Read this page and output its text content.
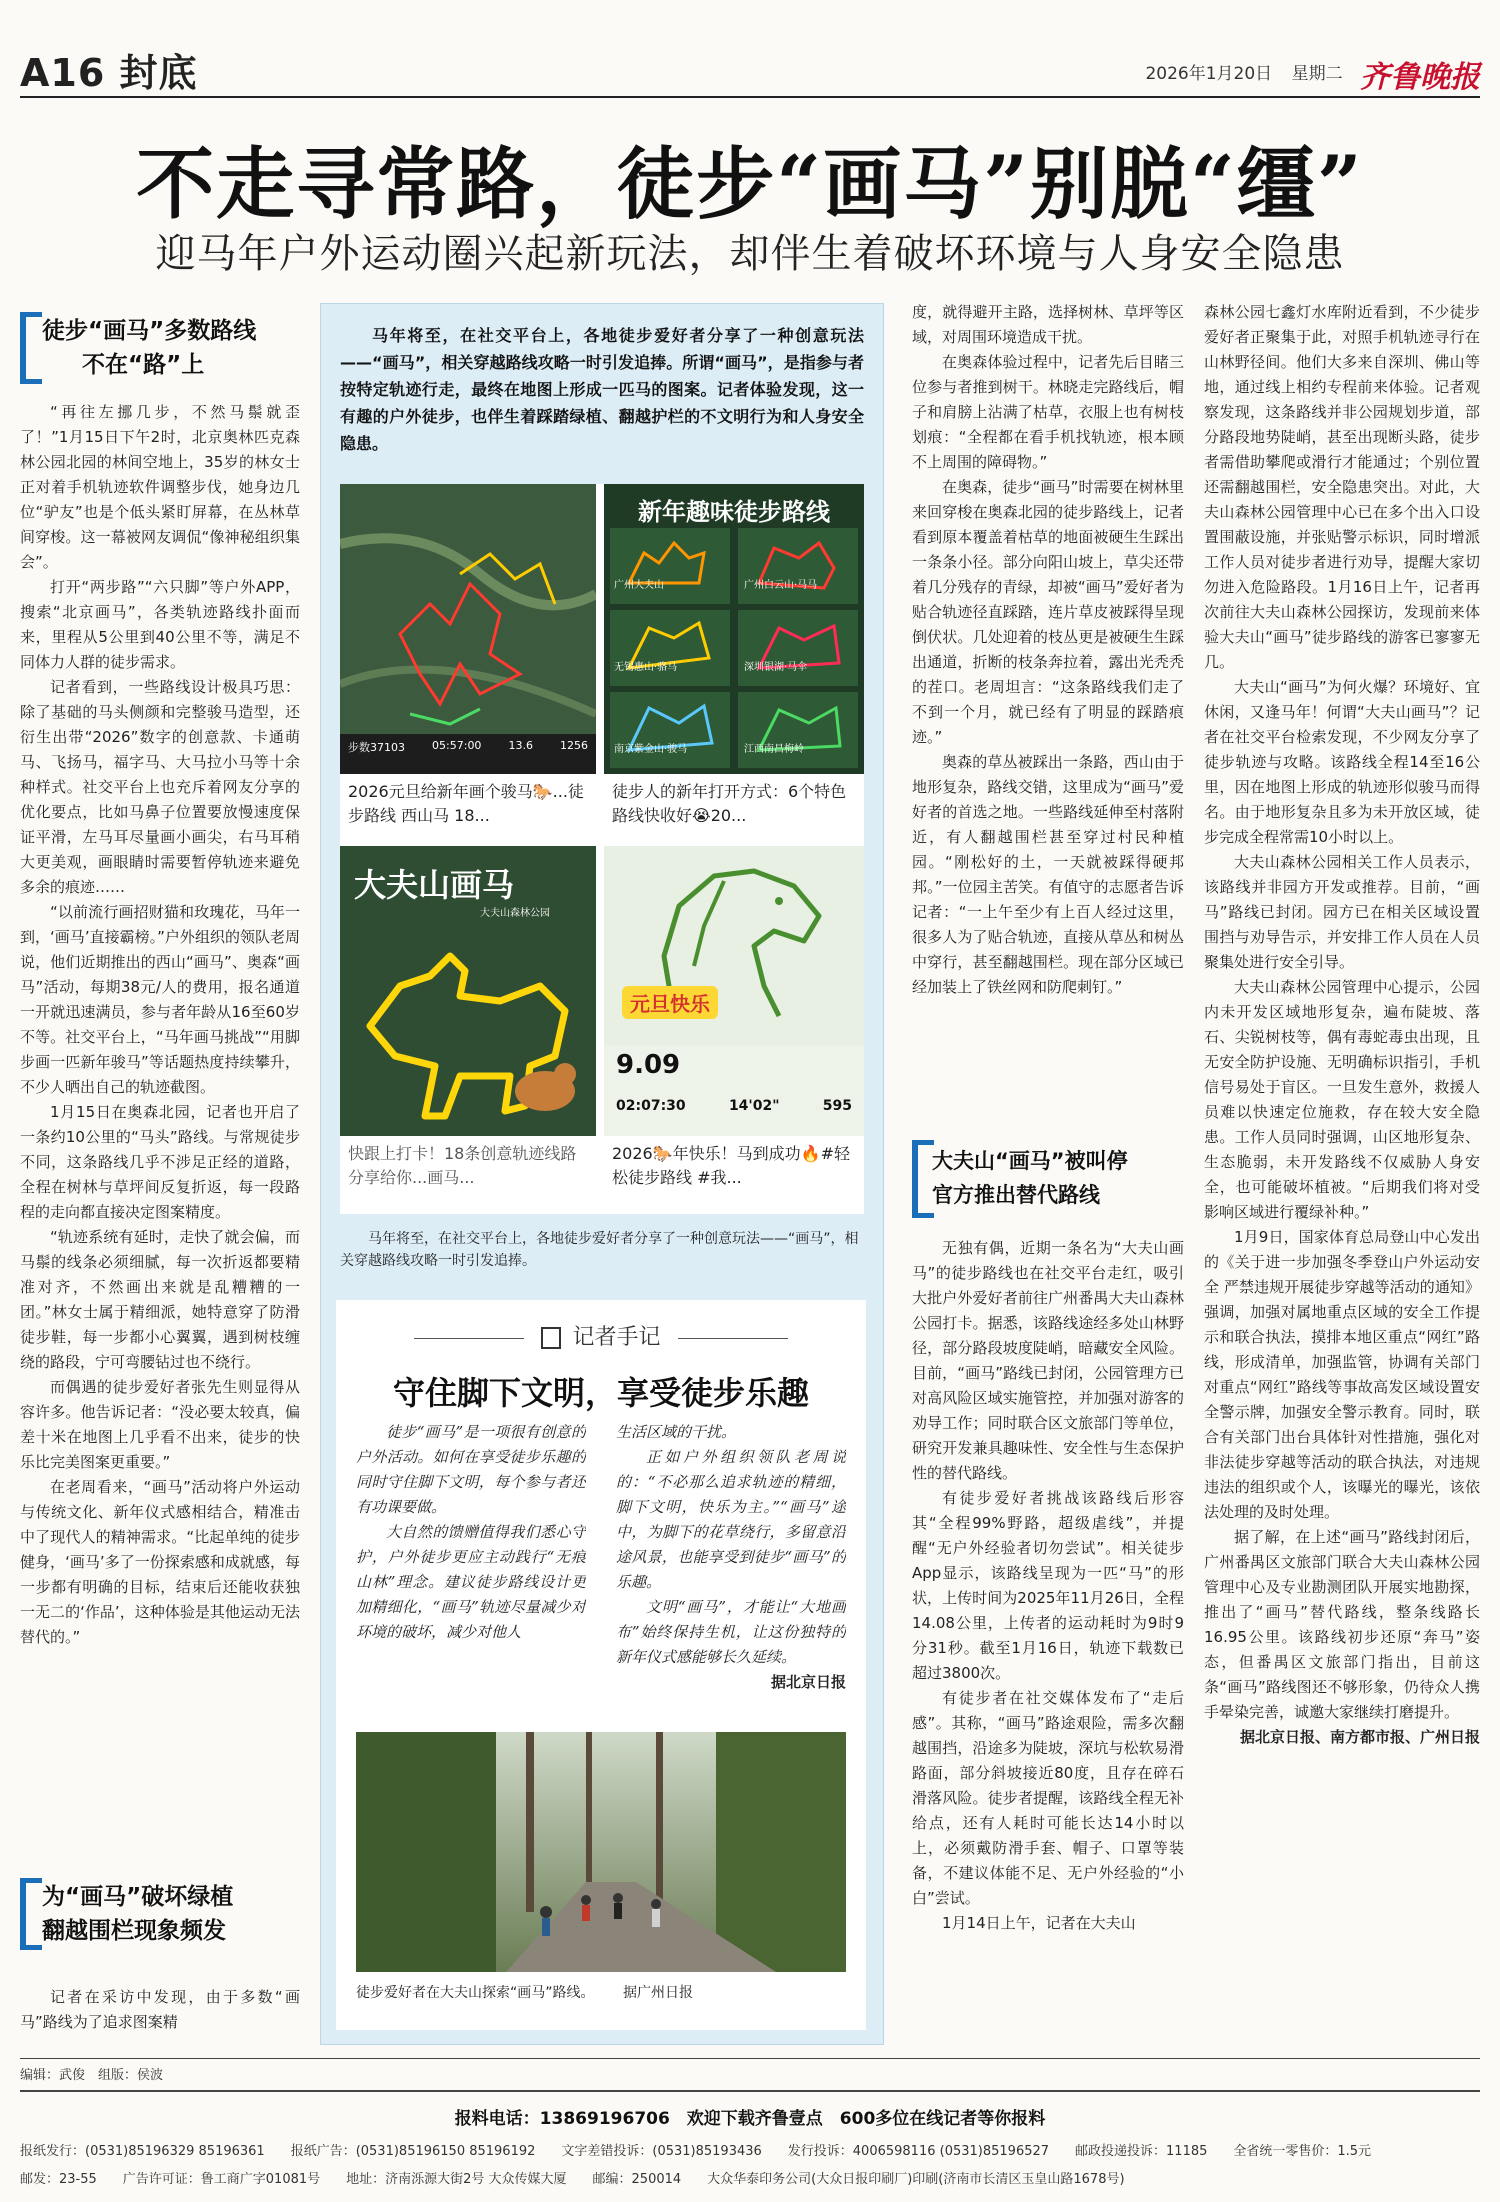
A16 封底	2026年1月20日 星期二 齐鲁晚报
不走寻常路，徒步“画马”别脱“缰”
迎马年户外运动圈兴起新玩法，却伴生着破坏环境与人身安全隐患
徒步“画马”多数路线
不在“路”上

“再往左挪几步，不然马鬃就歪了！”1月15日下午2时，北京奥林匹克森林公园北园的林间空地上，35岁的林女士正对着手机轨迹软件调整步伐，她身边几位“驴友”也是个低头紧盯屏幕，在丛林草间穿梭。这一幕被网友调侃“像神秘组织集会”。

打开“两步路”“六只脚”等户外APP，搜索“北京画马”，各类轨迹路线扑面而来，里程从5公里到40公里不等，满足不同体力人群的徒步需求。

记者看到，一些路线设计极具巧思：除了基础的马头侧颜和完整骏马造型，还衍生出带“2026”数字的创意款、卡通萌马、飞扬马，福字马、大马拉小马等十余种样式。社交平台上也充斥着网友分享的优化要点，比如马鼻子位置要放慢速度保证平滑，左马耳尽量画小画尖，右马耳稍大更美观，画眼睛时需要暂停轨迹来避免多余的痕迹……

“以前流行画招财猫和玫瑰花，马年一到，‘画马’直接霸榜。”户外组织的领队老周说，他们近期推出的西山“画马”、奥森“画马”活动，每期38元/人的费用，报名通道一开就迅速满员，参与者年龄从16至60岁不等。社交平台上，“马年画马挑战”“用脚步画一匹新年骏马”等话题热度持续攀升，不少人晒出自己的轨迹截图。

1月15日在奥森北园，记者也开启了一条约10公里的“马头”路线。与常规徒步不同，这条路线几乎不涉足正经的道路，全程在树林与草坪间反复折返，每一段路程的走向都直接决定图案精度。

“轨迹系统有延时，走快了就会偏，而马鬃的线条必须细腻，每一次折返都要精准对齐，不然画出来就是乱糟糟的一团。”林女士属于精细派，她特意穿了防滑徒步鞋，每一步都小心翼翼，遇到树枝缠绕的路段，宁可弯腰钻过也不绕行。

而偶遇的徒步爱好者张先生则显得从容许多。他告诉记者：“没必要太较真，偏差十米在地图上几乎看不出来，徒步的快乐比完美图案更重要。”

在老周看来，“画马”活动将户外运动与传统文化、新年仪式感相结合，精准击中了现代人的精神需求。“比起单纯的徒步健身，‘画马’多了一份探索感和成就感，每一步都有明确的目标，结束后还能收获独一无二的‘作品’，这种体验是其他运动无法替代的。”

为“画马”破坏绿植
翻越围栏现象频发

记者在采访中发现，由于多数“画马”路线为了追求图案精

马年将至，在社交平台上，各地徒步爱好者分享了一种创意玩法——“画马”，相关穿越路线攻略一时引发追捧。所谓“画马”，是指参与者按特定轨迹行走，最终在地图上形成一匹马的图案。记者体验发现，这一有趣的户外徒步，也伴生着踩踏绿植、翻越护栏的不文明行为和人身安全隐患。
步数37103 05:57:00 13.6 1256
2026元旦给新年画个骏马🐎...徒步路线 西山马 18...
新年趣味徒步路线
广州大夫山	广州白云山·马马
无锡惠山·骆马	深圳银湖·马伞
南京紫金山·骏马	江西南昌梅岭
徒步人的新年打开方式：6个特色路线快收好😭20...
大夫山画马
大夫山森林公园
快跟上打卡！18条创意轨迹线路分享给你...画马...
元旦快乐
9.09
02:07:30	14'02"	595
2026🐎年快乐！马到成功🔥#轻松徒步路线 #我...
马年将至，在社交平台上，各地徒步爱好者分享了一种创意玩法——“画马”，相关穿越路线攻略一时引发追捧。
记者手记
守住脚下文明，享受徒步乐趣

徒步“画马”是一项很有创意的户外活动。如何在享受徒步乐趣的同时守住脚下文明，每个参与者还有功课要做。

大自然的馈赠值得我们悉心守护，户外徒步更应主动践行“无痕山林”理念。建议徒步路线设计更加精细化，“画马”轨迹尽量减少对环境的破坏，减少对他人

生活区域的干扰。

正如户外组织领队老周说的：“不必那么追求轨迹的精细，脚下文明，快乐为主。”“画马”途中，为脚下的花草绕行，多留意沿途风景，也能享受到徒步“画马”的乐趣。

文明“画马”，才能让“大地画布”始终保持生机，让这份独特的新年仪式感能够长久延续。

据北京日报
徒步爱好者在大夫山探索“画马”路线。 据广州日报

度，就得避开主路，选择树林、草坪等区域，对周围环境造成干扰。

在奥森体验过程中，记者先后目睹三位参与者推到树干。林晓走完路线后，帽子和肩膀上沾满了枯草，衣服上也有树枝划痕：“全程都在看手机找轨迹，根本顾不上周围的障碍物。”

在奥森，徒步“画马”时需要在树林里来回穿梭在奥森北园的徒步路线上，记者看到原本覆盖着枯草的地面被硬生生踩出一条条小径。部分向阳山坡上，草尖还带着几分残存的青绿，却被“画马”爱好者为贴合轨迹径直踩踏，连片草皮被踩得呈现倒伏状。几处迎着的枝丛更是被硬生生踩出通道，折断的枝条奔拉着，露出光秃秃的茬口。老周坦言：“这条路线我们走了不到一个月，就已经有了明显的踩踏痕迹。”

奥森的草丛被踩出一条路，西山由于地形复杂，路线交错，这里成为“画马”爱好者的首选之地。一些路线延伸至村落附近，有人翻越围栏甚至穿过村民种植园。“刚松好的土，一天就被踩得硬邦邦。”一位园主苦笑。有值守的志愿者告诉记者：“一上午至少有上百人经过这里，很多人为了贴合轨迹，直接从草丛和树丛中穿行，甚至翻越围栏。现在部分区域已经加装上了铁丝网和防爬刺钉。”

大夫山“画马”被叫停
官方推出替代路线

无独有偶，近期一条名为“大夫山画马”的徒步路线也在社交平台走红，吸引大批户外爱好者前往广州番禺大夫山森林公园打卡。据悉，该路线途经多处山林野径，部分路段坡度陡峭，暗藏安全风险。目前，“画马”路线已封闭，公园管理方已对高风险区域实施管控，并加强对游客的劝导工作；同时联合区文旅部门等单位，研究开发兼具趣味性、安全性与生态保护性的替代路线。

有徒步爱好者挑战该路线后形容其“全程99%野路，超级虐线”，并提醒“无户外经验者切勿尝试”。相关徒步App显示，该路线呈现为一匹“马”的形状，上传时间为2025年11月26日，全程14.08公里，上传者的运动耗时为9时9分31秒。截至1月16日，轨迹下载数已超过3800次。

有徒步者在社交媒体发布了“走后感”。其称，“画马”路途艰险，需多次翻越围挡，沿途多为陡坡，深坑与松软易滑路面，部分斜坡接近80度，且存在碎石滑落风险。徒步者提醒，该路线全程无补给点，还有人耗时可能长达14小时以上，必须戴防滑手套、帽子、口罩等装备，不建议体能不足、无户外经验的“小白”尝试。

1月14日上午，记者在大夫山

森林公园七鑫灯水库附近看到，不少徒步爱好者正聚集于此，对照手机轨迹寻行在山林野径间。他们大多来自深圳、佛山等地，通过线上相约专程前来体验。记者观察发现，这条路线并非公园规划步道，部分路段地势陡峭，甚至出现断头路，徒步者需借助攀爬或滑行才能通过；个别位置还需翻越围栏，安全隐患突出。对此，大夫山森林公园管理中心已在多个出入口设置围蔽设施，并张贴警示标识，同时增派工作人员对徒步者进行劝导，提醒大家切勿进入危险路段。1月16日上午，记者再次前往大夫山森林公园探访，发现前来体验大夫山“画马”徒步路线的游客已寥寥无几。

大夫山“画马”为何火爆？环境好、宜休闲，又逢马年！何谓“大夫山画马”？记者在社交平台检索发现，不少网友分享了徒步轨迹与攻略。该路线全程14至16公里，因在地图上形成的轨迹形似骏马而得名。由于地形复杂且多为未开放区域，徒步完成全程常需10小时以上。

大夫山森林公园相关工作人员表示，该路线并非园方开发或推荐。目前，“画马”路线已封闭。园方已在相关区域设置围挡与劝导告示，并安排工作人员在人员聚集处进行安全引导。

大夫山森林公园管理中心提示，公园内未开发区域地形复杂，遍布陡坡、落石、尖锐树枝等，偶有毒蛇毒虫出现，且无安全防护设施、无明确标识指引，手机信号易处于盲区。一旦发生意外，救援人员难以快速定位施救，存在较大安全隐患。工作人员同时强调，山区地形复杂、生态脆弱，未开发路线不仅威胁人身安全，也可能破坏植被。“后期我们将对受影响区域进行覆绿补种。”

1月9日，国家体育总局登山中心发出的《关于进一步加强冬季登山户外运动安全 严禁违规开展徒步穿越等活动的通知》强调，加强对属地重点区域的安全工作提示和联合执法，摸排本地区重点“网红”路线，形成清单，加强监管，协调有关部门对重点“网红”路线等事故高发区域设置安全警示牌，加强安全警示教育。同时，联合有关部门出台具体针对性措施，强化对非法徒步穿越等活动的联合执法，对违规违法的组织或个人，该曝光的曝光，该依法处理的及时处理。

据了解，在上述“画马”路线封闭后，广州番禺区文旅部门联合大夫山森林公园管理中心及专业勘测团队开展实地勘探，推出了“画马”替代路线，整条线路长16.95公里。该路线初步还原“奔马”姿态，但番禺区文旅部门指出，目前这条“画马”路线图还不够形象，仍待众人携手晕染完善，诚邀大家继续打磨提升。

据北京日报、南方都市报、广州日报
编辑：武俊　组版：侯波
报料电话：13869196706　欢迎下载齐鲁壹点　600多位在线记者等你报料
报纸发行：(0531)85196329 85196361　　报纸广告：(0531)85196150 85196192　　文字差错投诉：(0531)85193436　　发行投诉：4006598116 (0531)85196527　　邮政投递投诉：11185　　全省统一零售价：1.5元
邮发：23-55　　广告许可证：鲁工商广字01081号　　地址：济南泺源大街2号 大众传媒大厦　　邮编：250014　　大众华泰印务公司(大众日报印刷厂)印刷(济南市长清区玉皇山路1678号)
